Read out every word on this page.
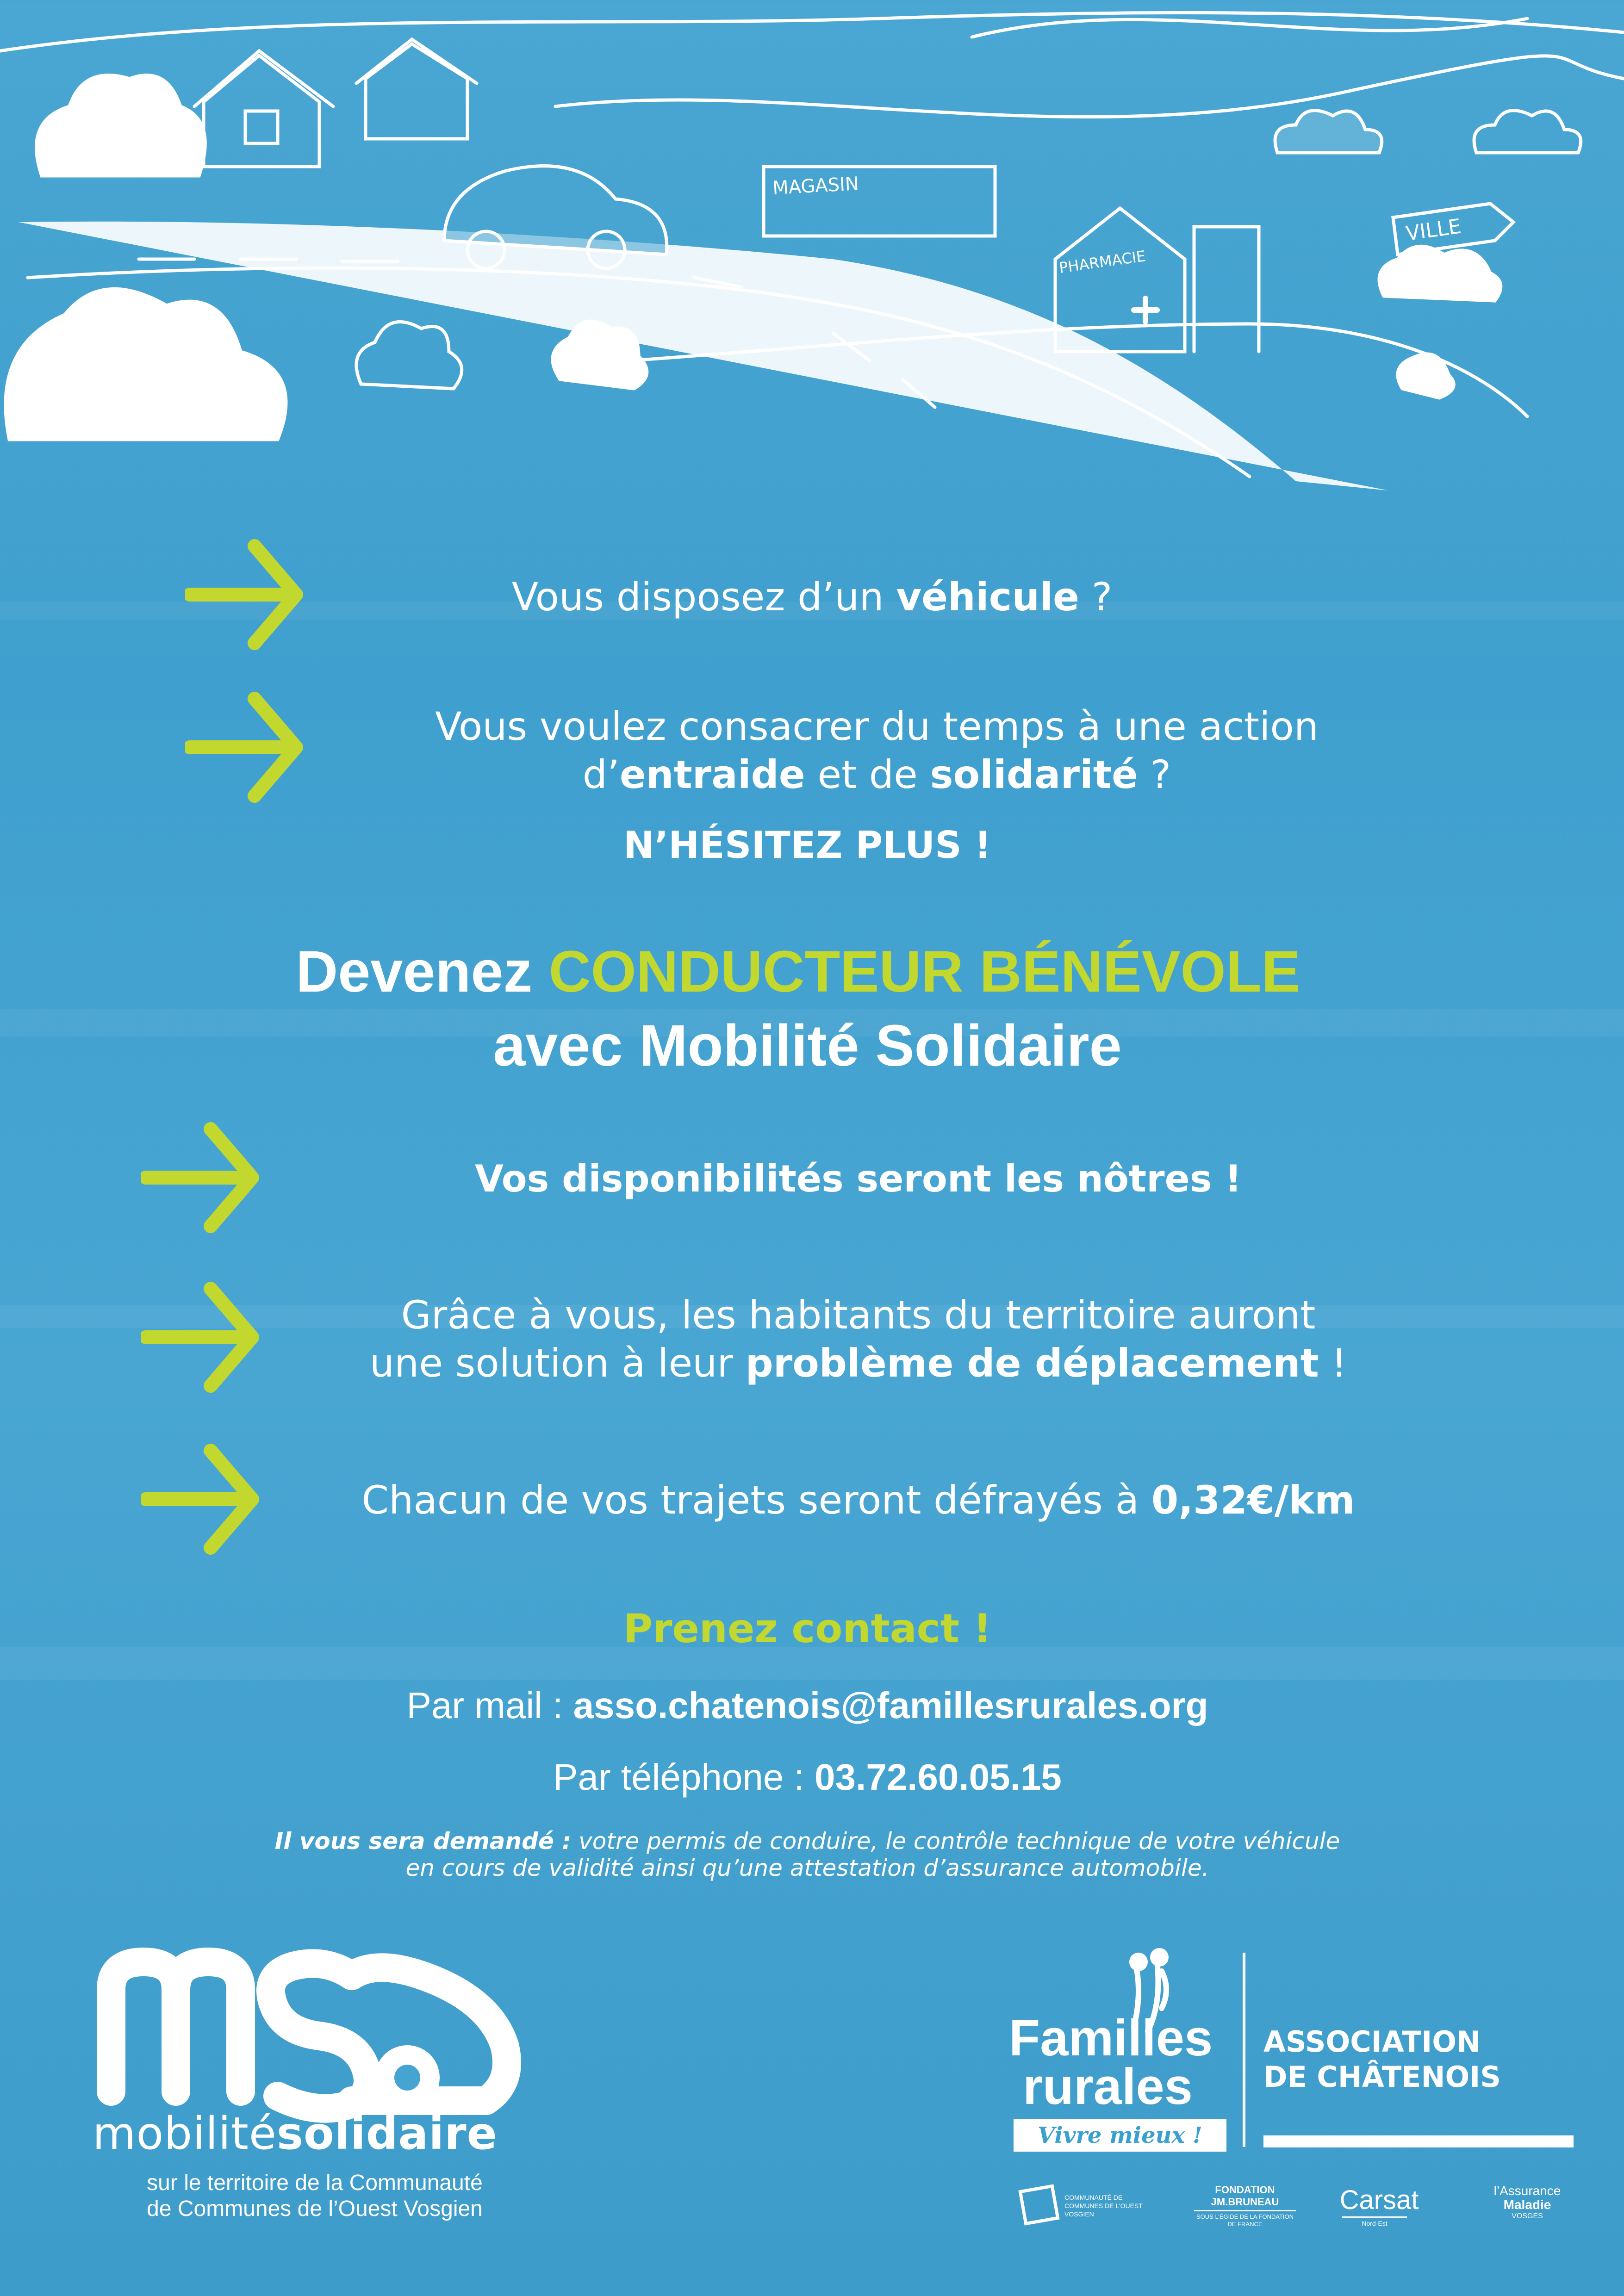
MAGASIN
PHARMACIE
VILLE
Vous disposez d’un véhicule ?
Vous voulez consacrer du temps à une action
d’entraide et de solidarité ?
N’HÉSITEZ PLUS !
Devenez CONDUCTEUR BÉNÉVOLE
avec Mobilité Solidaire
Vos disponibilités seront les nôtres !
Grâce à vous, les habitants du territoire auront
une solution à leur problème de déplacement !
Chacun de vos trajets seront défrayés à 0,32€/km
Prenez contact !
Par mail : asso.chatenois@famillesrurales.org
Par téléphone : 03.72.60.05.15
Il vous sera demandé : votre permis de conduire, le contrôle technique de votre véhicule
en cours de validité ainsi qu’une attestation d’assurance automobile.
mobilitésolidaire
sur le territoire de la Communauté
de Communes de l’Ouest Vosgien
Familles
rurales
Vivre mieux !
ASSOCIATION
DE CHÂTENOIS
COMMUNAUTÉ DE COMMUNES DE L’OUEST VOSGIEN
FONDATION
JM.BRUNEAU
SOUS L’ÉGIDE DE LA FONDATION DE FRANCE
Carsat
Nord-Est
l’Assurance
Maladie
VOSGES
